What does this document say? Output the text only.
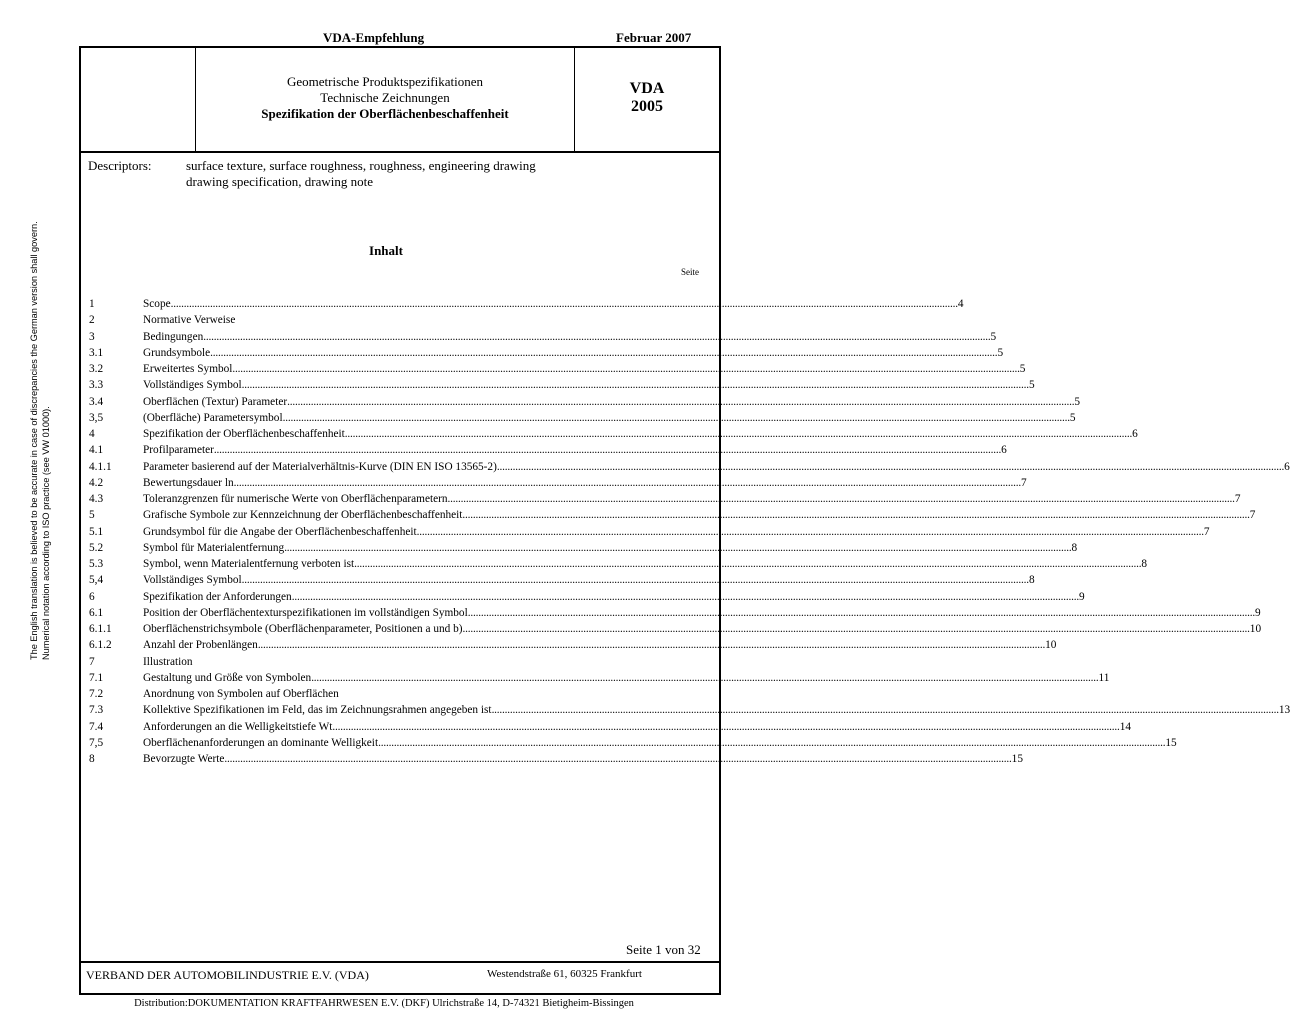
VDA-Empfehlung	Februar 2007
The English translation is believed to be accurate in case of discrepancies the German version shall govern. Numerical notation according to ISO practice (see VW 01000).
Geometrische Produktspezifikationen
Technische Zeichnungen
Spezifikation der Oberflächenbeschaffenheit
VDA
2005
Descriptors:	surface texture, surface roughness, roughness, engineering drawing
drawing specification, drawing note
Inhalt
Seite
1	Scope ............................................................................................................................................................................................................................................................................................................ 4
2	Normative Verweise
3	Bedingungen ............................................................................................................................................................................................................................................................................................................ 5
3.1	Grundsymbole ............................................................................................................................................................................................................................................................................................................ 5
3.2	Erweitertes Symbol ............................................................................................................................................................................................................................................................................................................ 5
3.3	Vollständiges Symbol ............................................................................................................................................................................................................................................................................................................ 5
3.4	Oberflächen (Textur) Parameter ............................................................................................................................................................................................................................................................................................................ 5
3,5	(Oberfläche) Parametersymbol ............................................................................................................................................................................................................................................................................................................ 5
4	Spezifikation der Oberflächenbeschaffenheit ............................................................................................................................................................................................................................................................................................................ 6
4.1	Profilparameter ............................................................................................................................................................................................................................................................................................................ 6
4.1.1	Parameter basierend auf der Materialverhältnis-Kurve (DIN EN ISO 13565-2) ............................................................................................................................................................................................................................................................................................................ 6
4.2	Bewertungsdauer ln ............................................................................................................................................................................................................................................................................................................ 7
4.3	Toleranzgrenzen für numerische Werte von Oberflächenparametern ............................................................................................................................................................................................................................................................................................................ 7
5	Grafische Symbole zur Kennzeichnung der Oberflächenbeschaffenheit ............................................................................................................................................................................................................................................................................................................ 7
5.1	Grundsymbol für die Angabe der Oberflächenbeschaffenheit ............................................................................................................................................................................................................................................................................................................ 7
5.2	Symbol für Materialentfernung ............................................................................................................................................................................................................................................................................................................ 8
5.3	Symbol, wenn Materialentfernung verboten ist ............................................................................................................................................................................................................................................................................................................ 8
5,4	Vollständiges Symbol ............................................................................................................................................................................................................................................................................................................ 8
6	Spezifikation der Anforderungen ............................................................................................................................................................................................................................................................................................................ 9
6.1	Position der Oberflächentexturspezifikationen im vollständigen Symbol ............................................................................................................................................................................................................................................................................................................ 9
6.1.1	Oberflächenstrichsymbole (Oberflächenparameter, Positionen a und b) ............................................................................................................................................................................................................................................................................................................ 10
6.1.2	Anzahl der Probenlängen ............................................................................................................................................................................................................................................................................................................ 10
7	Illustration
7.1	Gestaltung und Größe von Symbolen ............................................................................................................................................................................................................................................................................................................ 11
7.2	Anordnung von Symbolen auf Oberflächen
7.3	Kollektive Spezifikationen im Feld, das im Zeichnungsrahmen angegeben ist ............................................................................................................................................................................................................................................................................................................ 13
7.4	Anforderungen an die Welligkeitstiefe Wt ............................................................................................................................................................................................................................................................................................................ 14
7,5	Oberflächenanforderungen an dominante Welligkeit ............................................................................................................................................................................................................................................................................................................ 15
8	Bevorzugte Werte ............................................................................................................................................................................................................................................................................................................ 15
Seite 1 von 32
VERBAND DER AUTOMOBILINDUSTRIE E.V. (VDA)	Westendstraße 61, 60325 Frankfurt
Distribution:DOKUMENTATION KRAFTFAHRWESEN E.V. (DKF) Ulrichstraße 14, D-74321 Bietigheim-Bissingen
